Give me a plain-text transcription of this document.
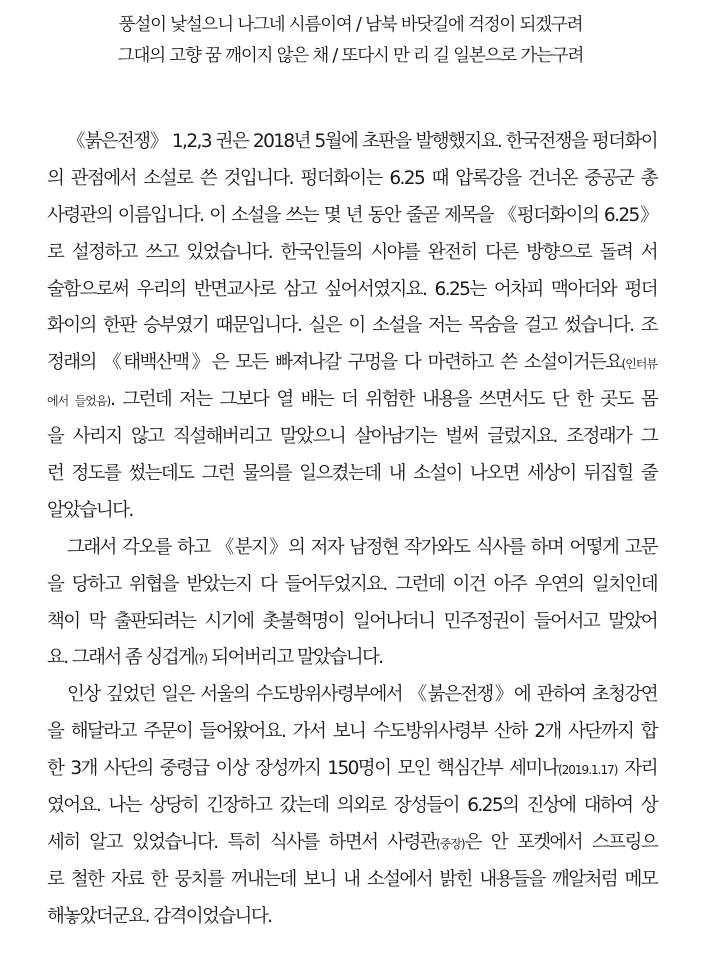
풍설이 낯설으니 나그네 시름이여 / 남북 바닷길에 걱정이 되겠구려
그대의 고향 꿈 깨이지 않은 채 / 또다시 만 리 길 일본으로 가는구려
《붉은전쟁》 1,2,3 권은 2018년 5월에 초판을 발행했지요. 한국전쟁을 펑더화이
의 관점에서 소설로 쓴 것입니다. 펑더화이는 6.25 때 압록강을 건너온 중공군 총
사령관의 이름입니다. 이 소설을 쓰는 몇 년 동안 줄곧 제목을 《펑더화이의 6.25》
로 설정하고 쓰고 있었습니다. 한국인들의 시야를 완전히 다른 방향으로 돌려 서
술함으로써 우리의 반면교사로 삼고 싶어서였지요. 6.25는 어차피 맥아더와 펑더
화이의 한판 승부였기 때문입니다. 실은 이 소설을 저는 목숨을 걸고 썼습니다. 조
정래의 《태백산맥》은 모든 빠져나갈 구멍을 다 마련하고 쓴 소설이거든요(인터뷰
에서 들었음). 그런데 저는 그보다 열 배는 더 위험한 내용을 쓰면서도 단 한 곳도 몸
을 사리지 않고 직설해버리고 말았으니 살아남기는 벌써 글렀지요. 조정래가 그
런 정도를 썼는데도 그런 물의를 일으켰는데 내 소설이 나오면 세상이 뒤집힐 줄
알았습니다.
그래서 각오를 하고 《분지》의 저자 남정현 작가와도 식사를 하며 어떻게 고문
을 당하고 위협을 받았는지 다 들어두었지요. 그런데 이건 아주 우연의 일치인데
책이 막 출판되려는 시기에 촛불혁명이 일어나더니 민주정권이 들어서고 말았어
요. 그래서 좀 싱겁게(?) 되어버리고 말았습니다.
인상 깊었던 일은 서울의 수도방위사령부에서 《붉은전쟁》에 관하여 초청강연
을 해달라고 주문이 들어왔어요. 가서 보니 수도방위사령부 산하 2개 사단까지 합
한 3개 사단의 중령급 이상 장성까지 150명이 모인 핵심간부 세미나(2019.1.17) 자리
였어요. 나는 상당히 긴장하고 갔는데 의외로 장성들이 6.25의 진상에 대하여 상
세히 알고 있었습니다. 특히 식사를 하면서 사령관(중장)은 안 포켓에서 스프링으
로 철한 자료 한 뭉치를 꺼내는데 보니 내 소설에서 밝힌 내용들을 깨알처럼 메모
해놓았더군요. 감격이었습니다.
